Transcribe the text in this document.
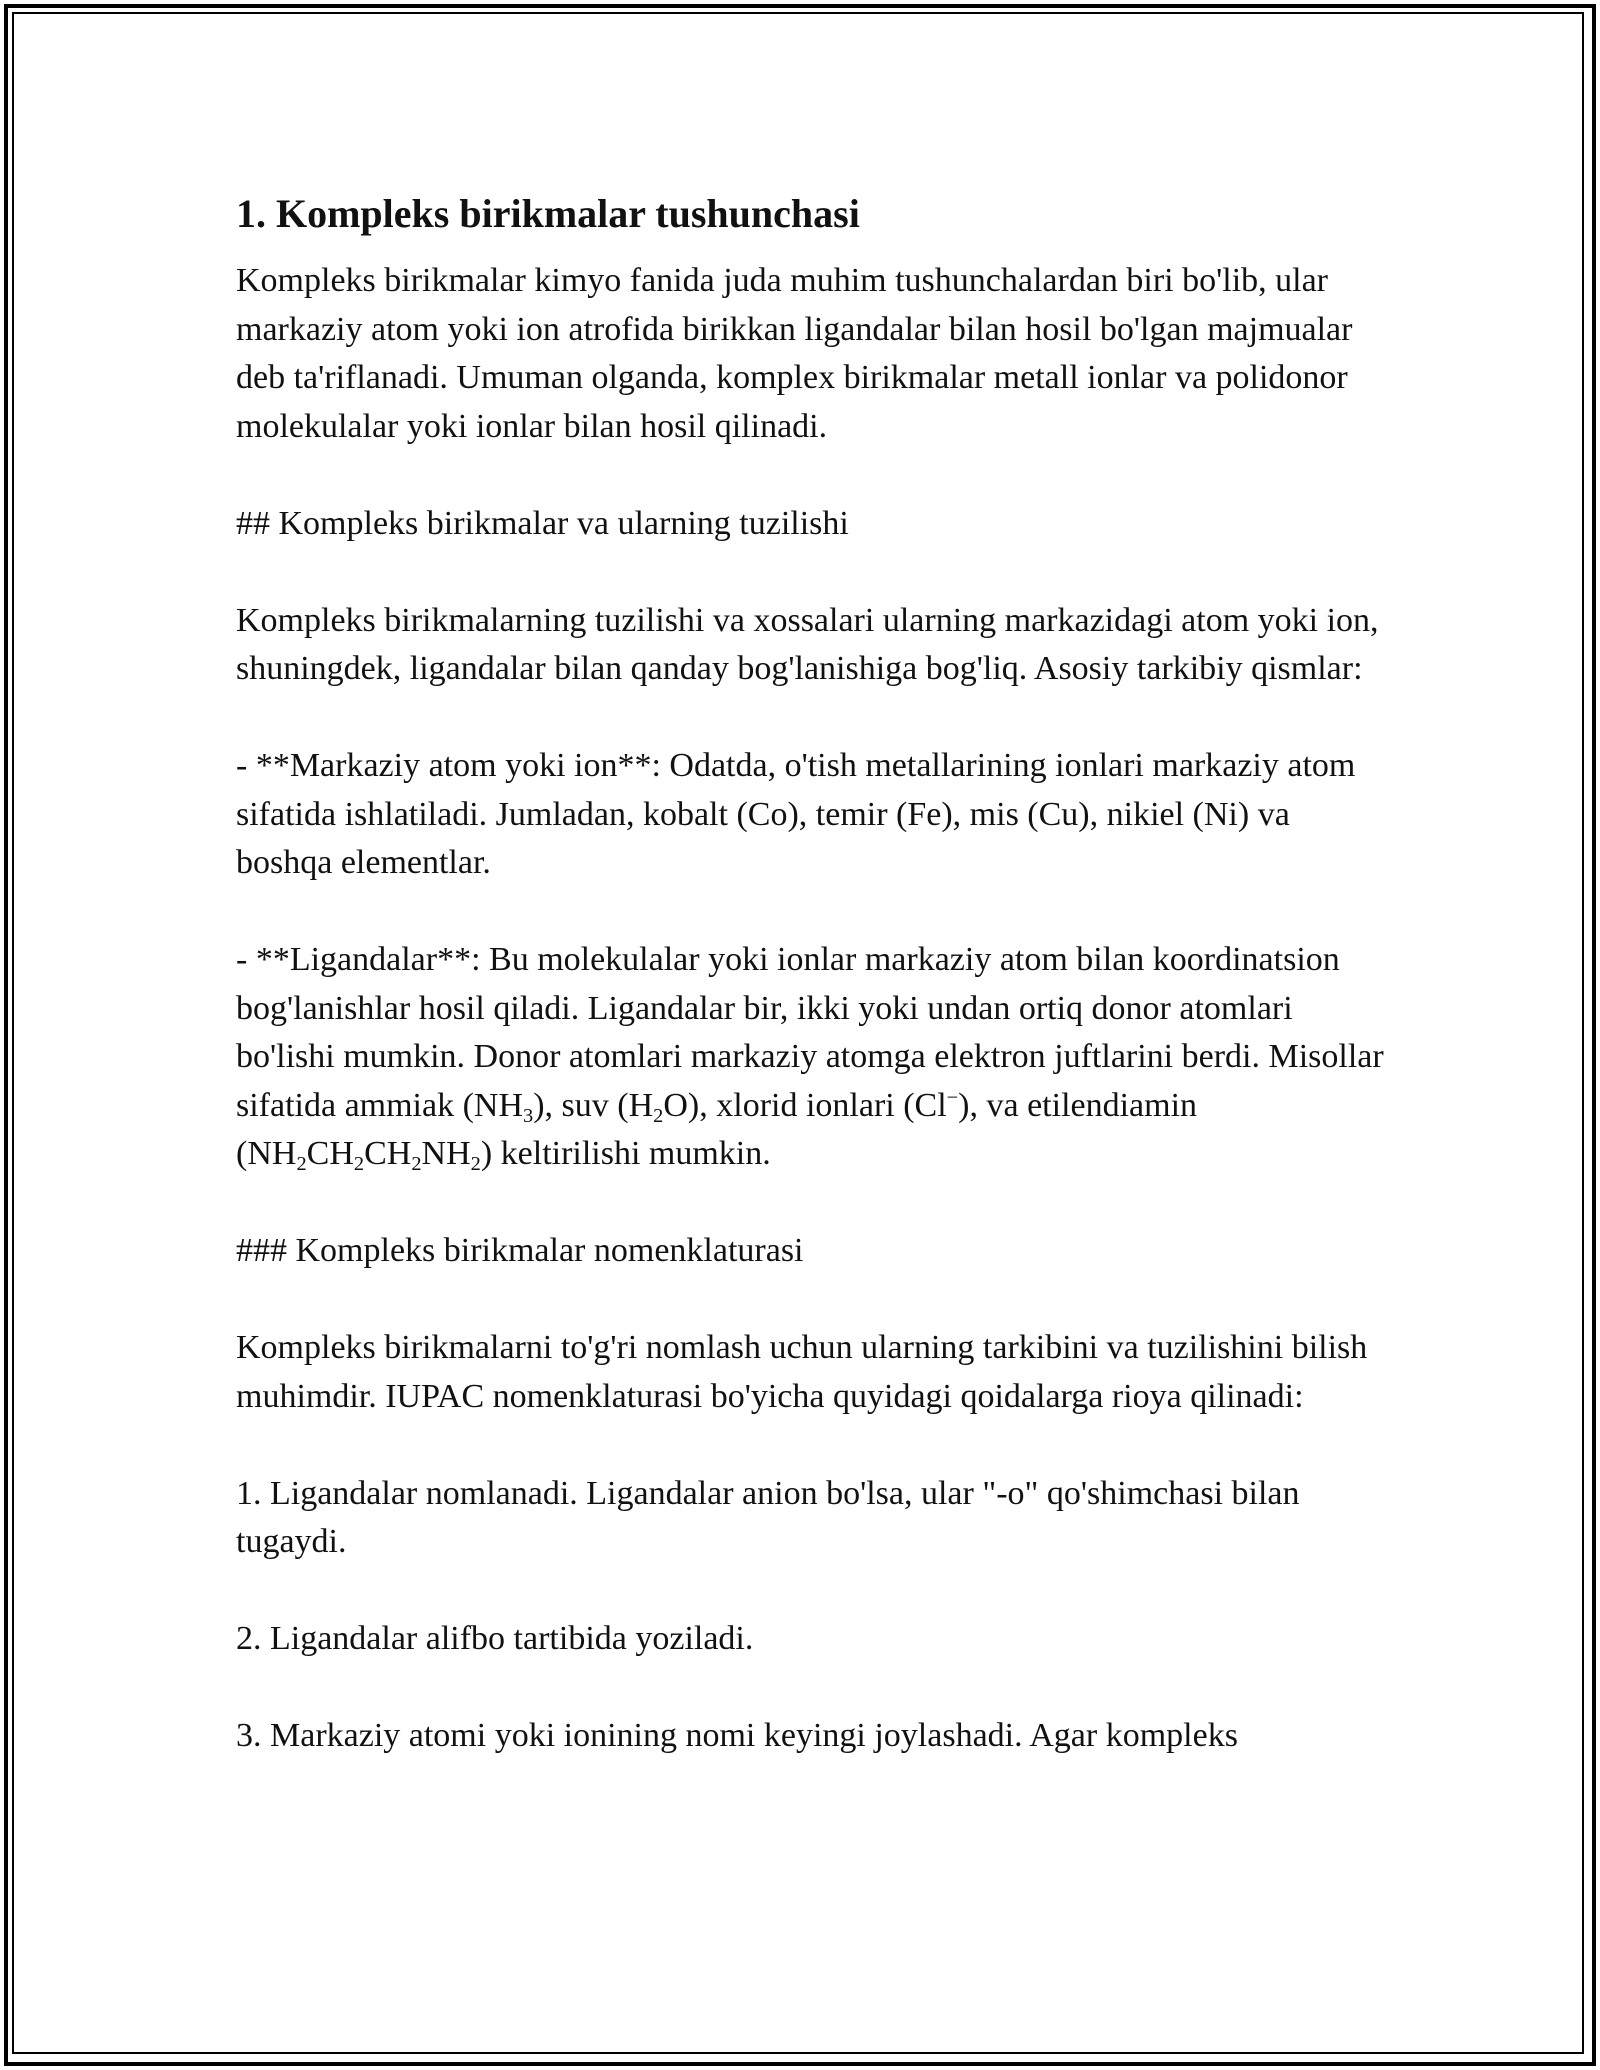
1. Kompleks birikmalar tushunchasi

Kompleks birikmalar kimyo fanida juda muhim tushunchalardan biri bo'lib, ular markaziy atom yoki ion atrofida birikkan ligandalar bilan hosil bo'lgan majmualar deb ta'riflanadi. Umuman olganda, komplex birikmalar metall ionlar va polidonor molekulalar yoki ionlar bilan hosil qilinadi.

## Kompleks birikmalar va ularning tuzilishi

Kompleks birikmalarning tuzilishi va xossalari ularning markazidagi atom yoki ion, shuningdek, ligandalar bilan qanday bog'lanishiga bog'liq. Asosiy tarkibiy qismlar:

- **Markaziy atom yoki ion**: Odatda, o'tish metallarining ionlari markaziy atom sifatida ishlatiladi. Jumladan, kobalt (Co), temir (Fe), mis (Cu), nikiel (Ni) va boshqa elementlar.

- **Ligandalar**: Bu molekulalar yoki ionlar markaziy atom bilan koordinatsion bog'lanishlar hosil qiladi. Ligandalar bir, ikki yoki undan ortiq donor atomlari bo'lishi mumkin. Donor atomlari markaziy atomga elektron juftlarini berdi. Misollar sifatida ammiak $(NH_3)$, suv $(H_2O)$, xlorid ionlari (Cl−), va etilendiamin $(NH_2CH_2CH_2NH_2)$ keltirilishi mumkin.

### Kompleks birikmalar nomenklaturasi

Kompleks birikmalarni to'g'ri nomlash uchun ularning tarkibini va tuzilishini bilish muhimdir. IUPAC nomenklaturasi bo'yicha quyidagi qoidalarga rioya qilinadi:

1. Ligandalar nomlanadi. Ligandalar anion bo'lsa, ular "-o" qo'shimchasi bilan tugaydi.

2. Ligandalar alifbo tartibida yoziladi.

3. Markaziy atomi yoki ionining nomi keyingi joylashadi. Agar kompleks
